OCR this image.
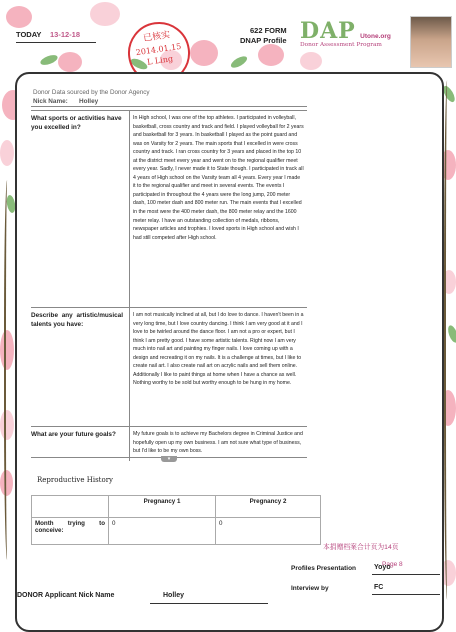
TODAY 13-12-18	已核实
2014.01.15
L Ling
622 FORM
DNAP Profile DAP Utone.org
Donor Assessment Program
Donor Data sourced by the Donor Agency
Nick Name: Holley
What sports or activities have you excelled in?	In High school, I was one of the top athletes. I participated in volleyball, basketball, cross country and track and field. I played volleyball for 2 years and basketball for 3 years. In basketball I played as the point guard and was on Varsity for 2 years. The main sports that I excelled in were cross country and track. I ran cross country for 3 years and placed in the top 10 at the district meet every year and went on to the regional qualifier meet every year. Sadly, I never made it to State though. I participated in track all 4 years of High school on the Varsity team all 4 years. Every year I made it to the regional qualifier and meet in several events. The events I participated in throughout the 4 years were the long jump, 200 meter dash, 100 meter dash and 800 meter run. The main events that I excelled in the most were the 400 meter dash, the 800 meter relay and the 1600 meter relay. I have an outstanding collection of medals, ribbons, newspaper articles and trophies. I loved sports in High school and wish I had still competed after High school.

Describe any artistic/musical talents you have:	I am not musically inclined at all, but I do love to dance. I haven't been in a very long time, but I love country dancing. I think I am very good at it and I love to be twirled around the dance floor. I am not a pro or expert, but I think I am pretty good. I have some artistic talents. Right now I am very much into nail art and painting my finger nails. I love coming up with a design and recreating it on my nails. It is a challenge at times, but I like to create nail art. I also create nail art on acrylic nails and sell them online. Additionally I like to paint things at home when I have a chance as well. Nothing worthy to be sold but worthy enough to be hung in my home.
What are your future goals?	My future goals is to achieve my Bachelors degree in Criminal Justice and hopefully open up my own business. I am not sure what type of business, but I'd like to be my own boss.
▾
Reproductive History
	Pregnancy 1	Pregnancy 2
Month trying to conceive:	0	0
本捐赠档案合计页为14页
Page 8
Profiles Presentation	Yoyo
Interview by	FC
DONOR Applicant Nick Name	Holley
